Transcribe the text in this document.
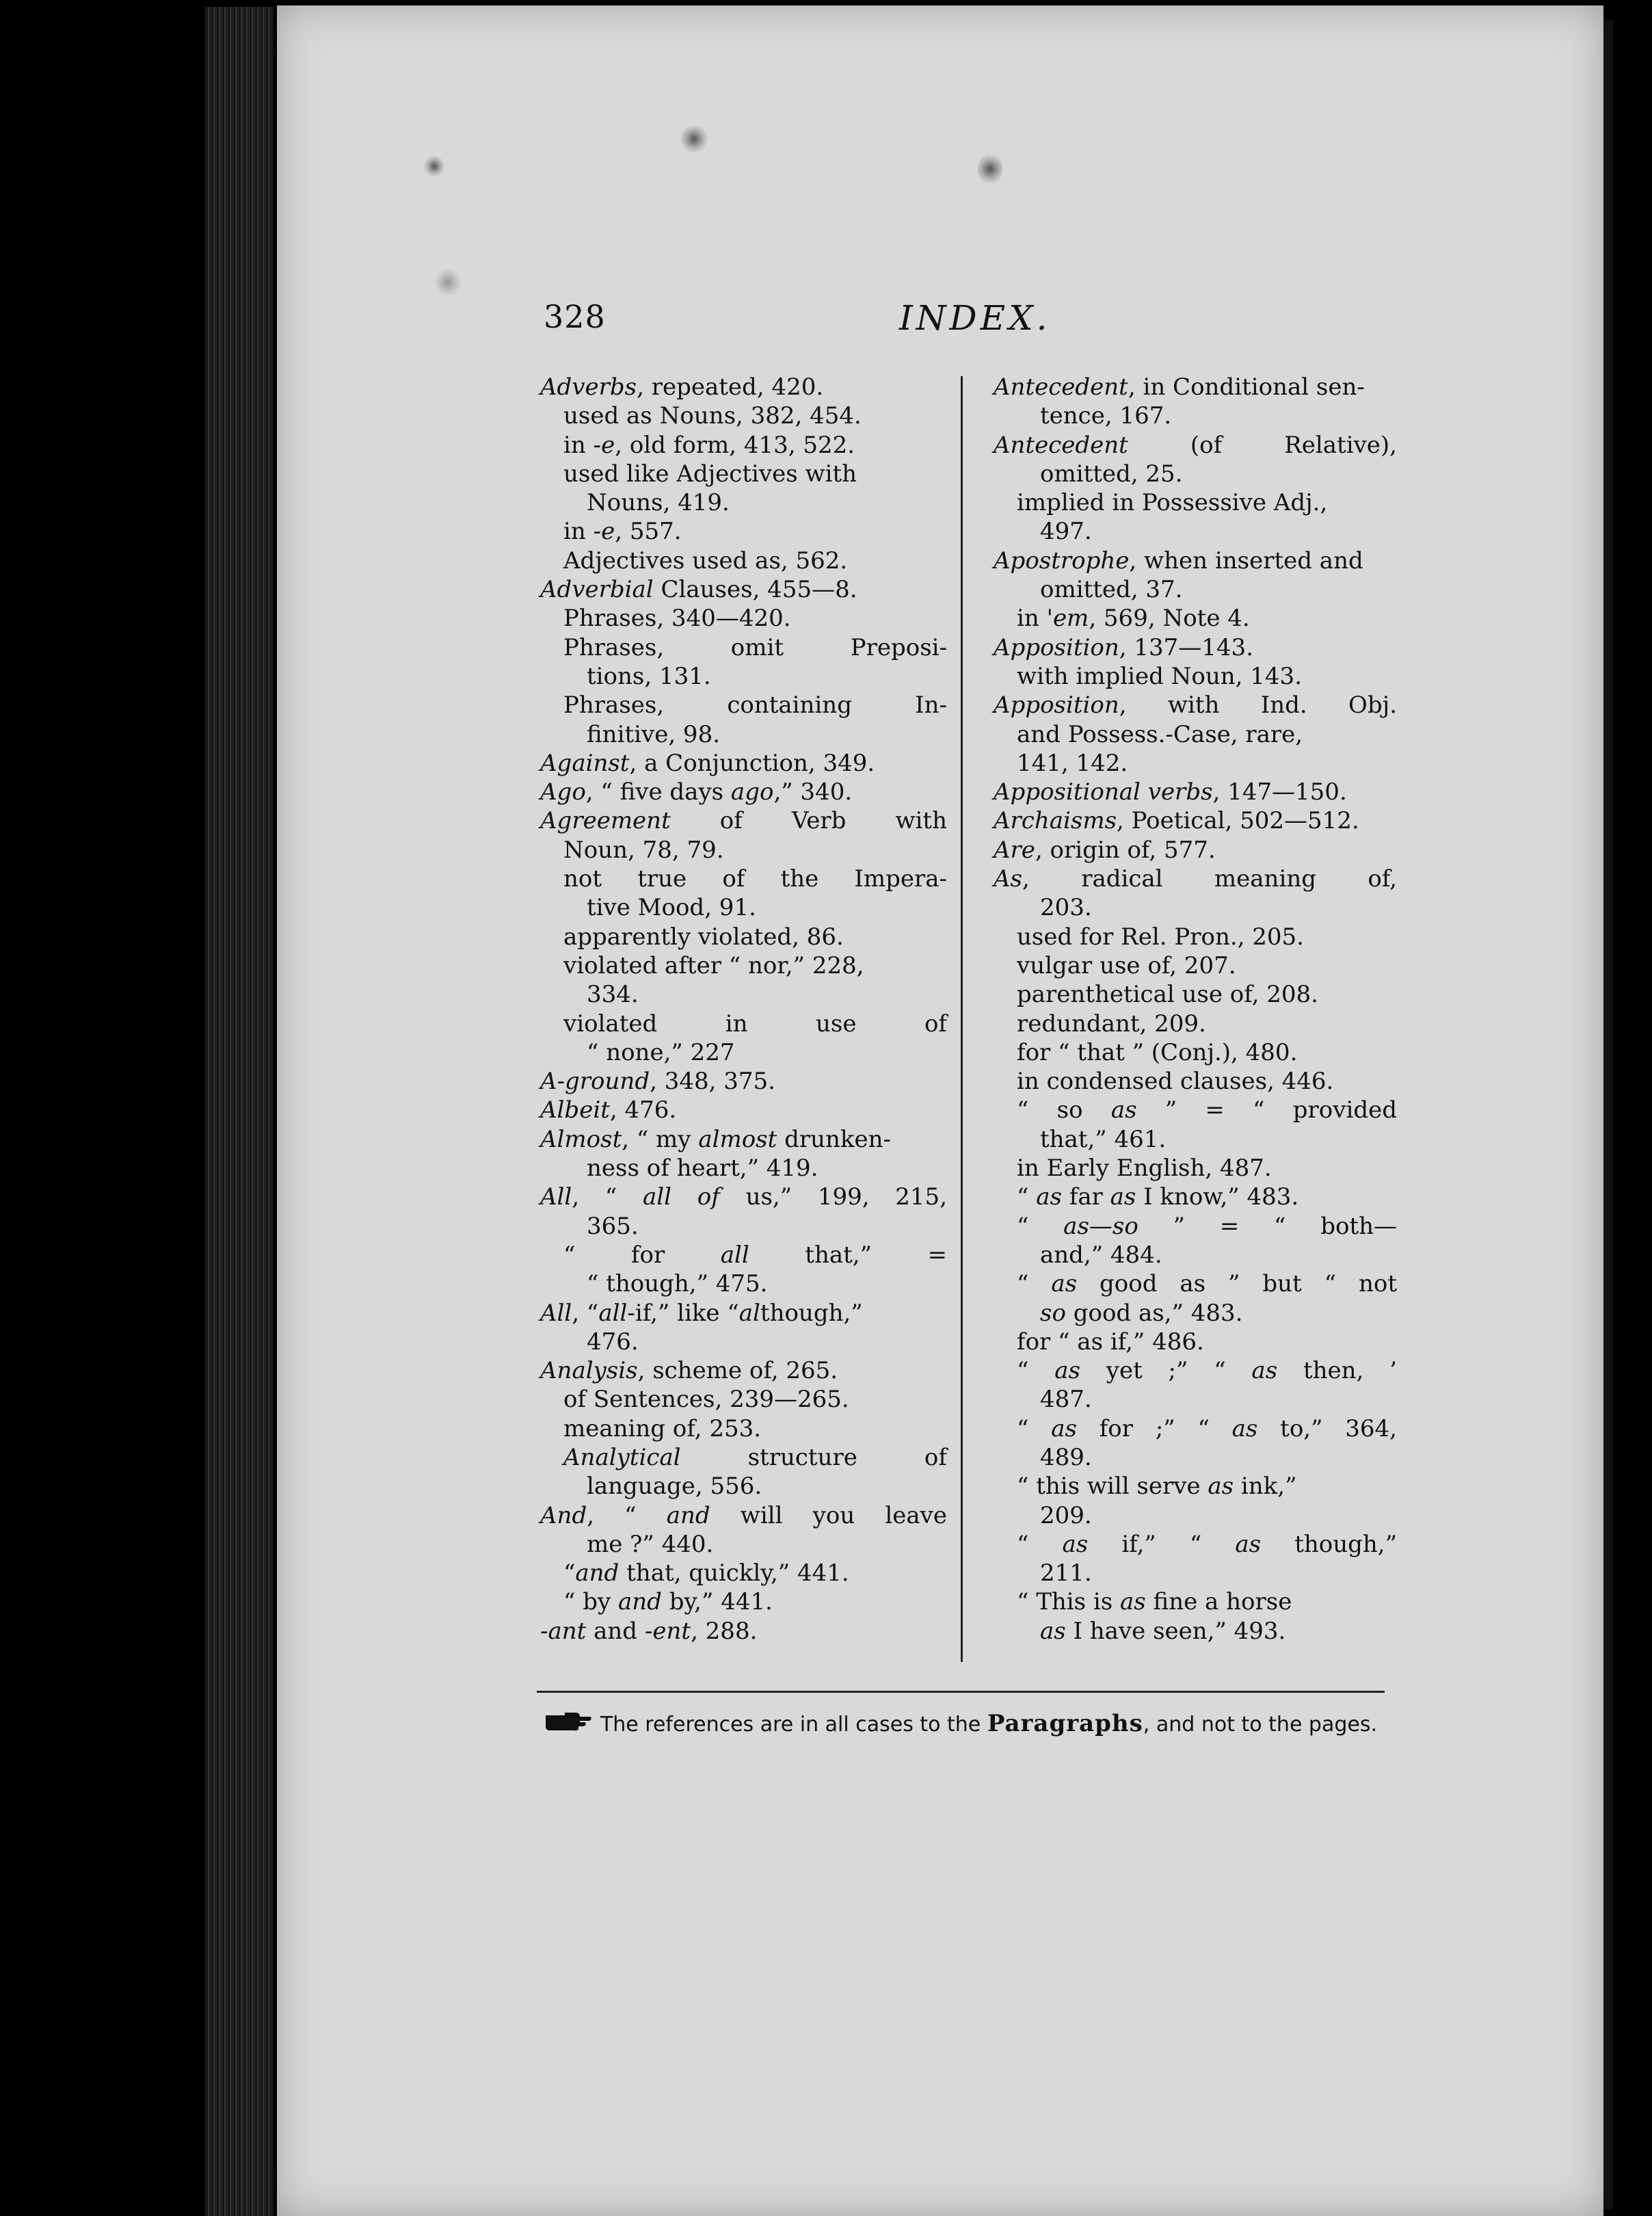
328	INDEX.
Adverbs, repeated, 420.
used as Nouns, 382, 454.
in -e, old form, 413, 522.
used like Adjectives with
Nouns, 419.
in -e, 557.
Adjectives used as, 562.
Adverbial Clauses, 455—8.
Phrases, 340—420.
Phrases, omit Preposi-
tions, 131.
Phrases, containing In-
finitive, 98.
Against, a Conjunction, 349.
Ago, “ five days ago,” 340.
Agreement of Verb with
Noun, 78, 79.
not true of the Impera-
tive Mood, 91.
apparently violated, 86.
violated after “ nor,” 228,
334.
violated in use of
“ none,” 227
A-ground, 348, 375.
Albeit, 476.
Almost, “ my almost drunken-
ness of heart,” 419.
All, “ all of us,” 199, 215,
365.
“ for all that,” =
“ though,” 475.
All, “all-if,” like “although,”
476.
Analysis, scheme of, 265.
of Sentences, 239—265.
meaning of, 253.
Analytical structure of
language, 556.
And, “ and will you leave
me ?” 440.
“and that, quickly,” 441.
“ by and by,” 441.
-ant and -ent, 288.
Antecedent, in Conditional sen-
tence, 167.
Antecedent (of Relative),
omitted, 25.
implied in Possessive Adj.,
497.
Apostrophe, when inserted and
omitted, 37.
in 'em, 569, Note 4.
Apposition, 137—143.
with implied Noun, 143.
Apposition, with Ind. Obj.
and Possess.-Case, rare,
141, 142.
Appositional verbs, 147—150.
Archaisms, Poetical, 502—512.
Are, origin of, 577.
As, radical meaning of,
203.
used for Rel. Pron., 205.
vulgar use of, 207.
parenthetical use of, 208.
redundant, 209.
for “ that ” (Conj.), 480.
in condensed clauses, 446.
“ so as ” = “ provided
that,” 461.
in Early English, 487.
“ as far as I know,” 483.
“ as—so ” = “ both—
and,” 484.
“ as good as ” but “ not
so good as,” 483.
for “ as if,” 486.
“ as yet ;” “ as then, ’
487.
“ as for ;” “ as to,” 364,
489.
“ this will serve as ink,”
209.
“ as if,” “ as though,”
211.
“ This is as fine a horse
as I have seen,” 493.
The references are in all cases to the Paragraphs, and not to the pages.
